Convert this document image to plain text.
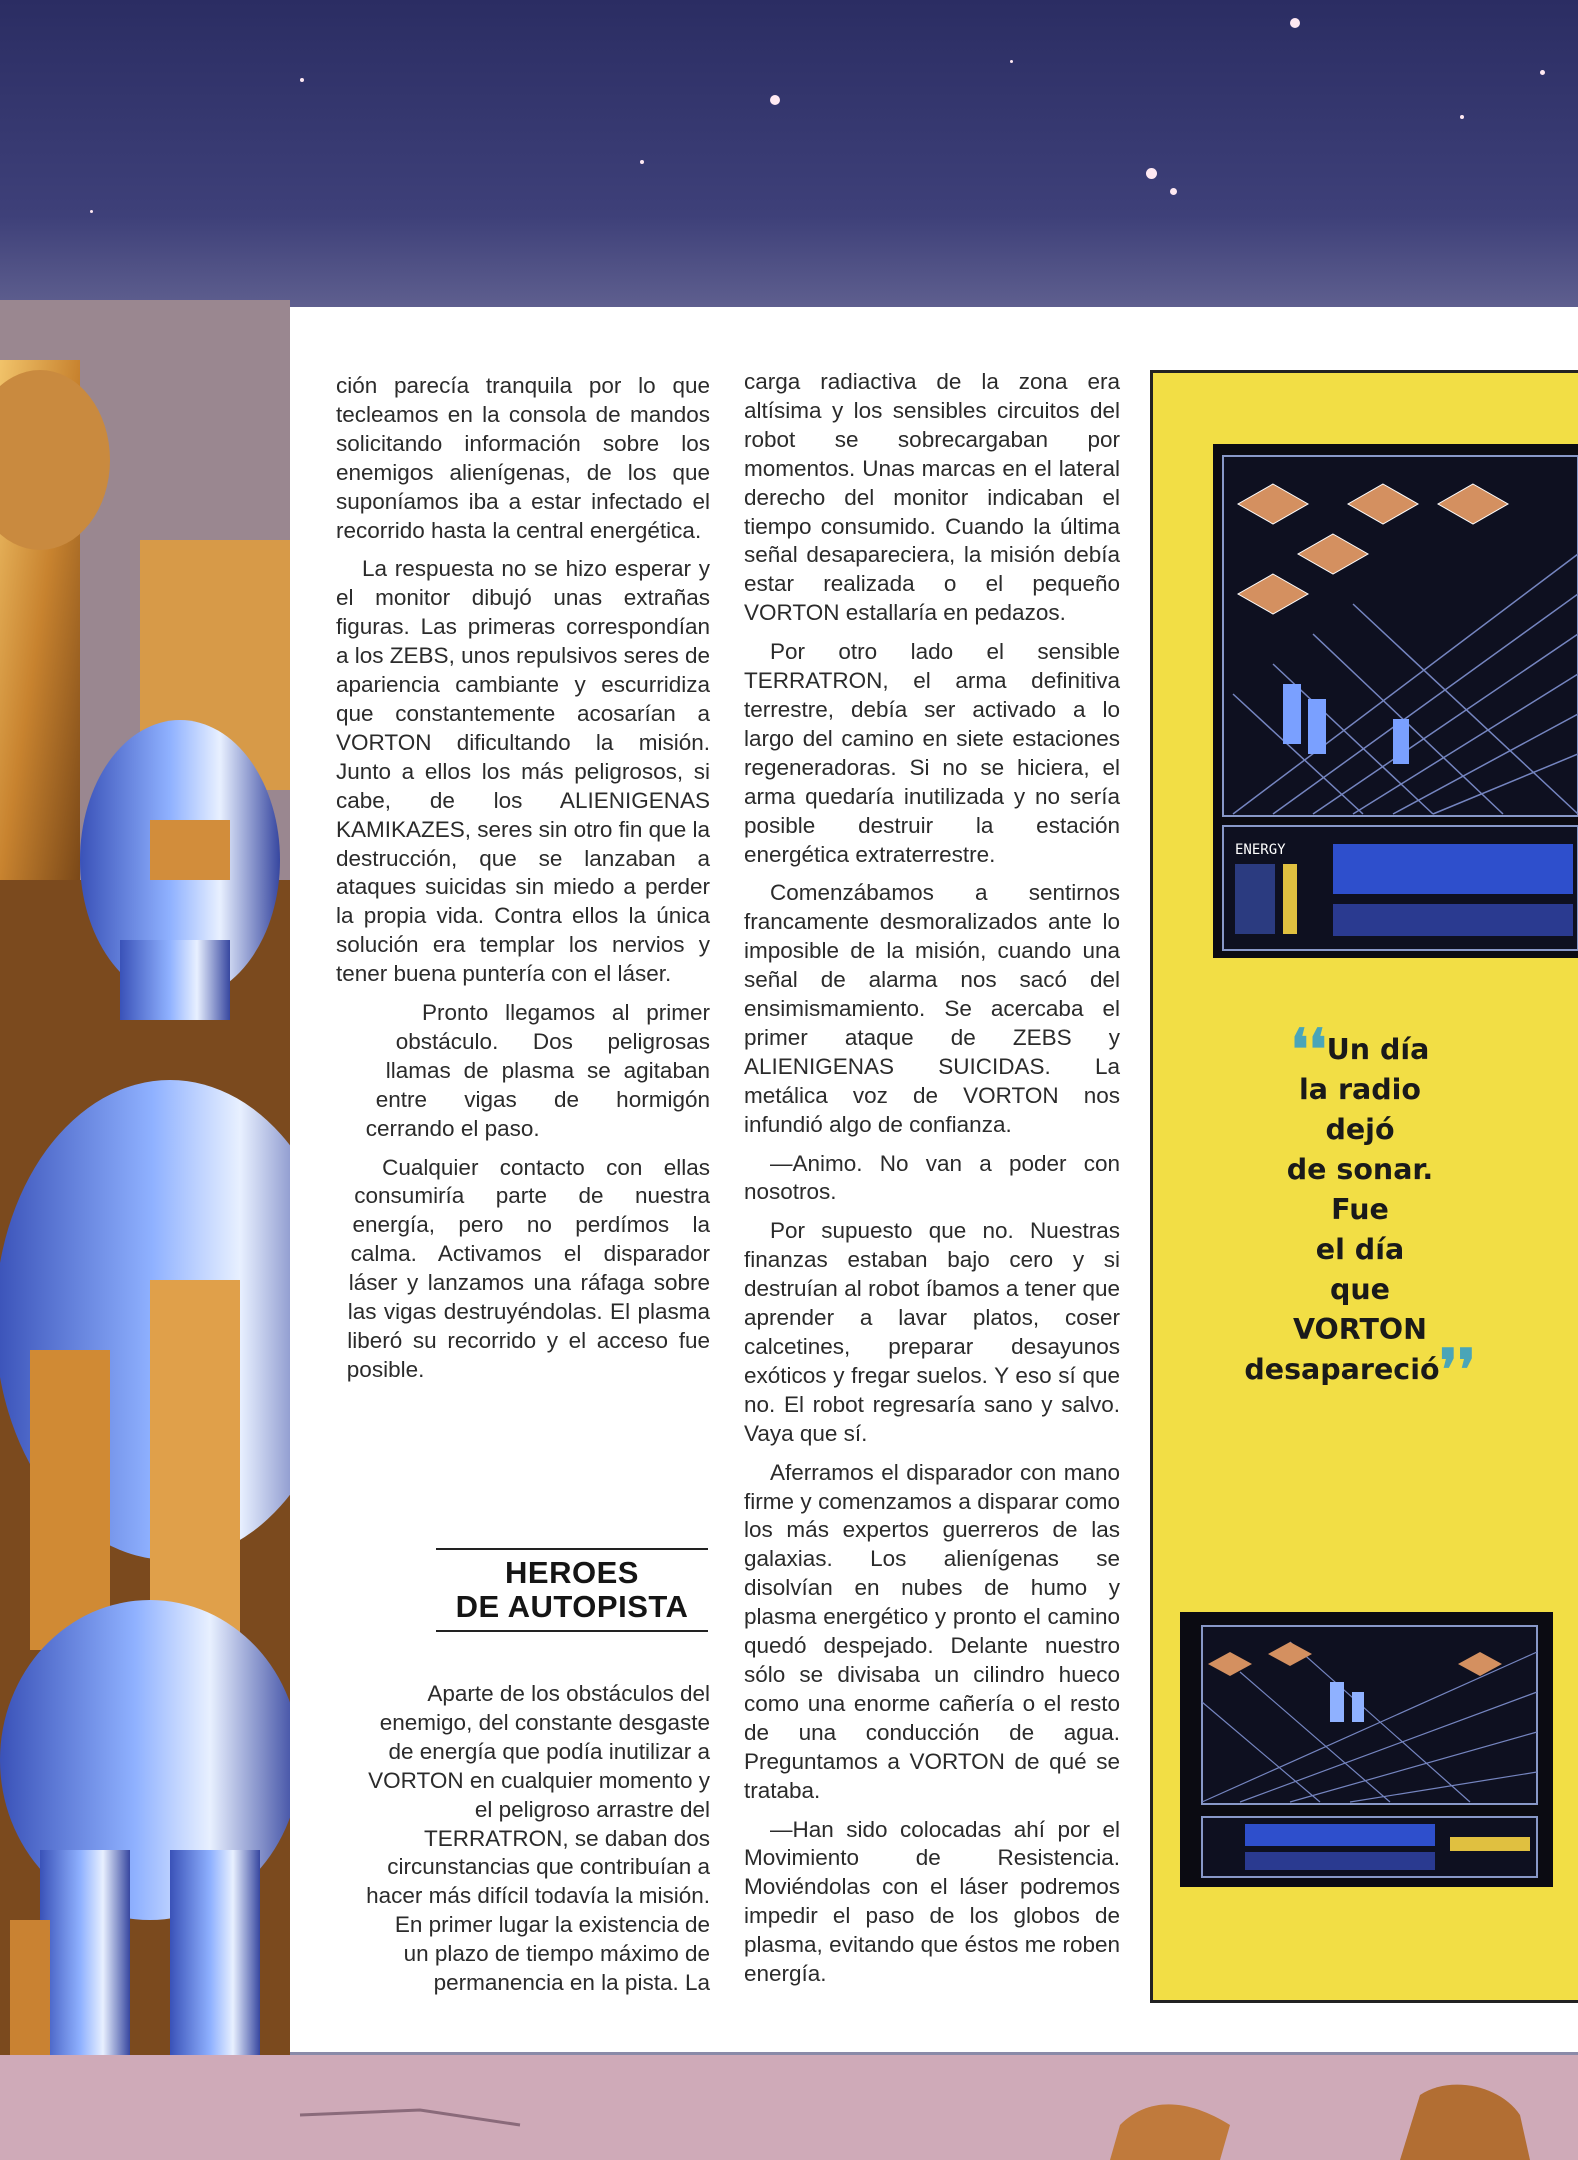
ción parecía tranquila por lo que tecleamos en la consola de mandos solicitando información sobre los enemigos alienígenas, de los que suponíamos iba a estar infectado el recorrido hasta la central energética.

La respuesta no se hizo esperar y el monitor dibujó unas extrañas figuras. Las primeras correspondían a los ZEBS, unos repulsivos seres de apariencia cambiante y escurridiza que constantemente acosarían a VORTON dificultando la misión. Junto a ellos los más peligrosos, si cabe, de los ALIENIGENAS KAMIKAZES, seres sin otro fin que la destrucción, que se lanzaban a ataques suicidas sin miedo a perder la propia vida. Contra ellos la única solución era templar los nervios y tener buena puntería con el láser.

Pronto llegamos al primer obstáculo. Dos peligrosas llamas de plasma se agitaban entre vigas de hormigón cerrando el paso.

Cualquier contacto con ellas consumiría parte de nuestra energía, pero no perdímos la calma. Activamos el disparador láser y lanzamos una ráfaga sobre las vigas destruyéndolas. El plasma liberó su recorrido y el acceso fue posible.

HEROES
DE AUTOPISTA

Aparte de los obstáculos del enemigo, del constante desgaste de energía que podía inutilizar a VORTON en cualquier momento y el peligroso arrastre del TERRATRON, se daban dos circunstancias que contribuían a hacer más difícil todavía la misión. En primer lugar la existencia de un plazo de tiempo máximo de permanencia en la pista. La

carga radiactiva de la zona era altísima y los sensibles circuitos del robot se sobrecargaban por momentos. Unas marcas en el lateral derecho del monitor indicaban el tiempo consumido. Cuando la última señal desapareciera, la misión debía estar realizada o el pequeño VORTON estallaría en pedazos.

Por otro lado el sensible TERRATRON, el arma definitiva terrestre, debía ser activado a lo largo del camino en siete estaciones regeneradoras. Si no se hiciera, el arma quedaría inutilizada y no sería posible destruir la estación energética extraterrestre.

Comenzábamos a sentirnos francamente desmoralizados ante lo imposible de la misión, cuando una señal de alarma nos sacó del ensimismamiento. Se acercaba el primer ataque de ZEBS y ALIENIGENAS SUICIDAS. La metálica voz de VORTON nos infundió algo de confianza.

—Animo. No van a poder con nosotros.

Por supuesto que no. Nuestras finanzas estaban bajo cero y si destruían al robot íbamos a tener que aprender a lavar platos, coser calcetines, preparar desayunos exóticos y fregar suelos. Y eso sí que no. El robot regresaría sano y salvo. Vaya que sí.

Aferramos el disparador con mano firme y comenzamos a disparar como los más expertos guerreros de las galaxias. Los alienígenas se disolvían en nubes de humo y plasma energético y pronto el camino quedó despejado. Delante nuestro sólo se divisaba un cilindro hueco como una enorme cañería o el resto de una conducción de agua. Preguntamos a VORTON de qué se trataba.

—Han sido colocadas ahí por el Movimiento de Resistencia. Moviéndolas con el láser podremos impedir el paso de los globos de plasma, evitando que éstos me roben energía.

ENERGY
❛❛Un día
la radio
dejó
de sonar.
Fue
el día
que
VORTON
desapareció❜❜
